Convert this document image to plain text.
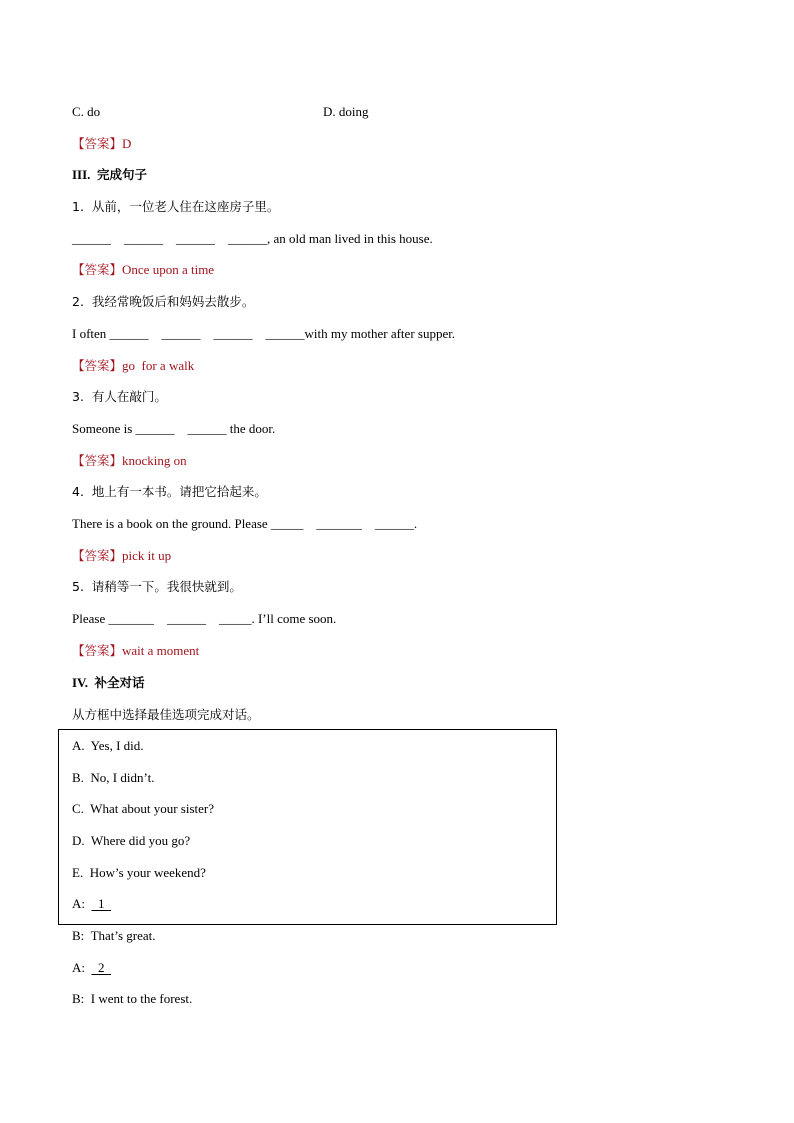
C. do	D. doing
【答案】D
III. 完成句子
1.  从前，一位老人住在这座房子里。
______    ______    ______    ______, an old man lived in this house.
【答案】Once upon a time
2.  我经常晚饭后和妈妈去散步。
I often ______    ______    ______    ______with my mother after supper.
【答案】go  for a walk
3.  有人在敲门。
Someone is ______    ______ the door.
【答案】knocking on
4.  地上有一本书。请把它拾起来。
There is a book on the ground. Please _____    _______    ______.
【答案】pick it up
5.  请稍等一下。我很快就到。
Please _______    ______    _____. I’ll come soon.
【答案】wait a moment
IV. 补全对话
从方框中选择最佳选项完成对话。
A.  Yes, I did.
B.  No, I didn’t.
C.  What about your sister?
D.  Where did you go?
E.  How’s your weekend?
A: 1
B: That’s great.
A: 2
B: I went to the forest.
